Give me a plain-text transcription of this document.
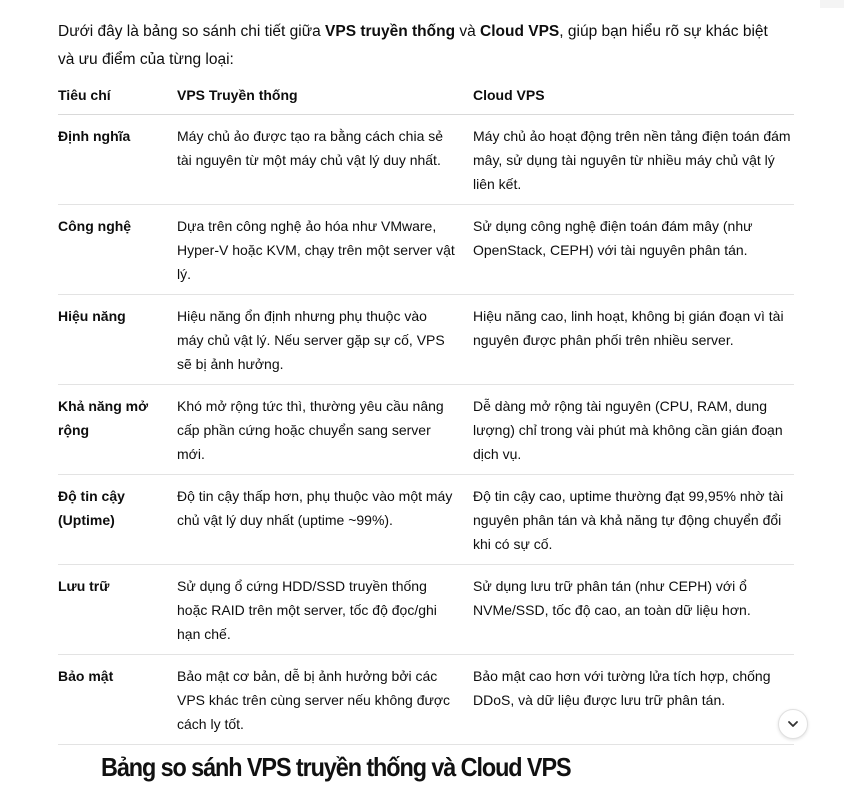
Dưới đây là bảng so sánh chi tiết giữa VPS truyền thống và Cloud VPS, giúp bạn hiểu rõ sự khác biệt và ưu điểm của từng loại:

Tiêu chí	VPS Truyền thống	Cloud VPS
Định nghĩa	Máy chủ ảo được tạo ra bằng cách chia sẻ tài nguyên từ một máy chủ vật lý duy nhất.	Máy chủ ảo hoạt động trên nền tảng điện toán đám mây, sử dụng tài nguyên từ nhiều máy chủ vật lý liên kết.
Công nghệ	Dựa trên công nghệ ảo hóa như VMware, Hyper-V hoặc KVM, chạy trên một server vật lý.	Sử dụng công nghệ điện toán đám mây (như OpenStack, CEPH) với tài nguyên phân tán.
Hiệu năng	Hiệu năng ổn định nhưng phụ thuộc vào máy chủ vật lý. Nếu server gặp sự cố, VPS sẽ bị ảnh hưởng.	Hiệu năng cao, linh hoạt, không bị gián đoạn vì tài nguyên được phân phối trên nhiều server.
Khả năng mở rộng	Khó mở rộng tức thì, thường yêu cầu nâng cấp phần cứng hoặc chuyển sang server mới.	Dễ dàng mở rộng tài nguyên (CPU, RAM, dung lượng) chỉ trong vài phút mà không cần gián đoạn dịch vụ.
Độ tin cậy (Uptime)	Độ tin cậy thấp hơn, phụ thuộc vào một máy chủ vật lý duy nhất (uptime ~99%).	Độ tin cậy cao, uptime thường đạt 99,95% nhờ tài nguyên phân tán và khả năng tự động chuyển đổi khi có sự cố.
Lưu trữ	Sử dụng ổ cứng HDD/SSD truyền thống hoặc RAID trên một server, tốc độ đọc/ghi hạn chế.	Sử dụng lưu trữ phân tán (như CEPH) với ổ NVMe/SSD, tốc độ cao, an toàn dữ liệu hơn.
Bảo mật	Bảo mật cơ bản, dễ bị ảnh hưởng bởi các VPS khác trên cùng server nếu không được cách ly tốt.	Bảo mật cao hơn với tường lửa tích hợp, chống DDoS, và dữ liệu được lưu trữ phân tán.
Bảng so sánh VPS truyền thống và Cloud VPS
